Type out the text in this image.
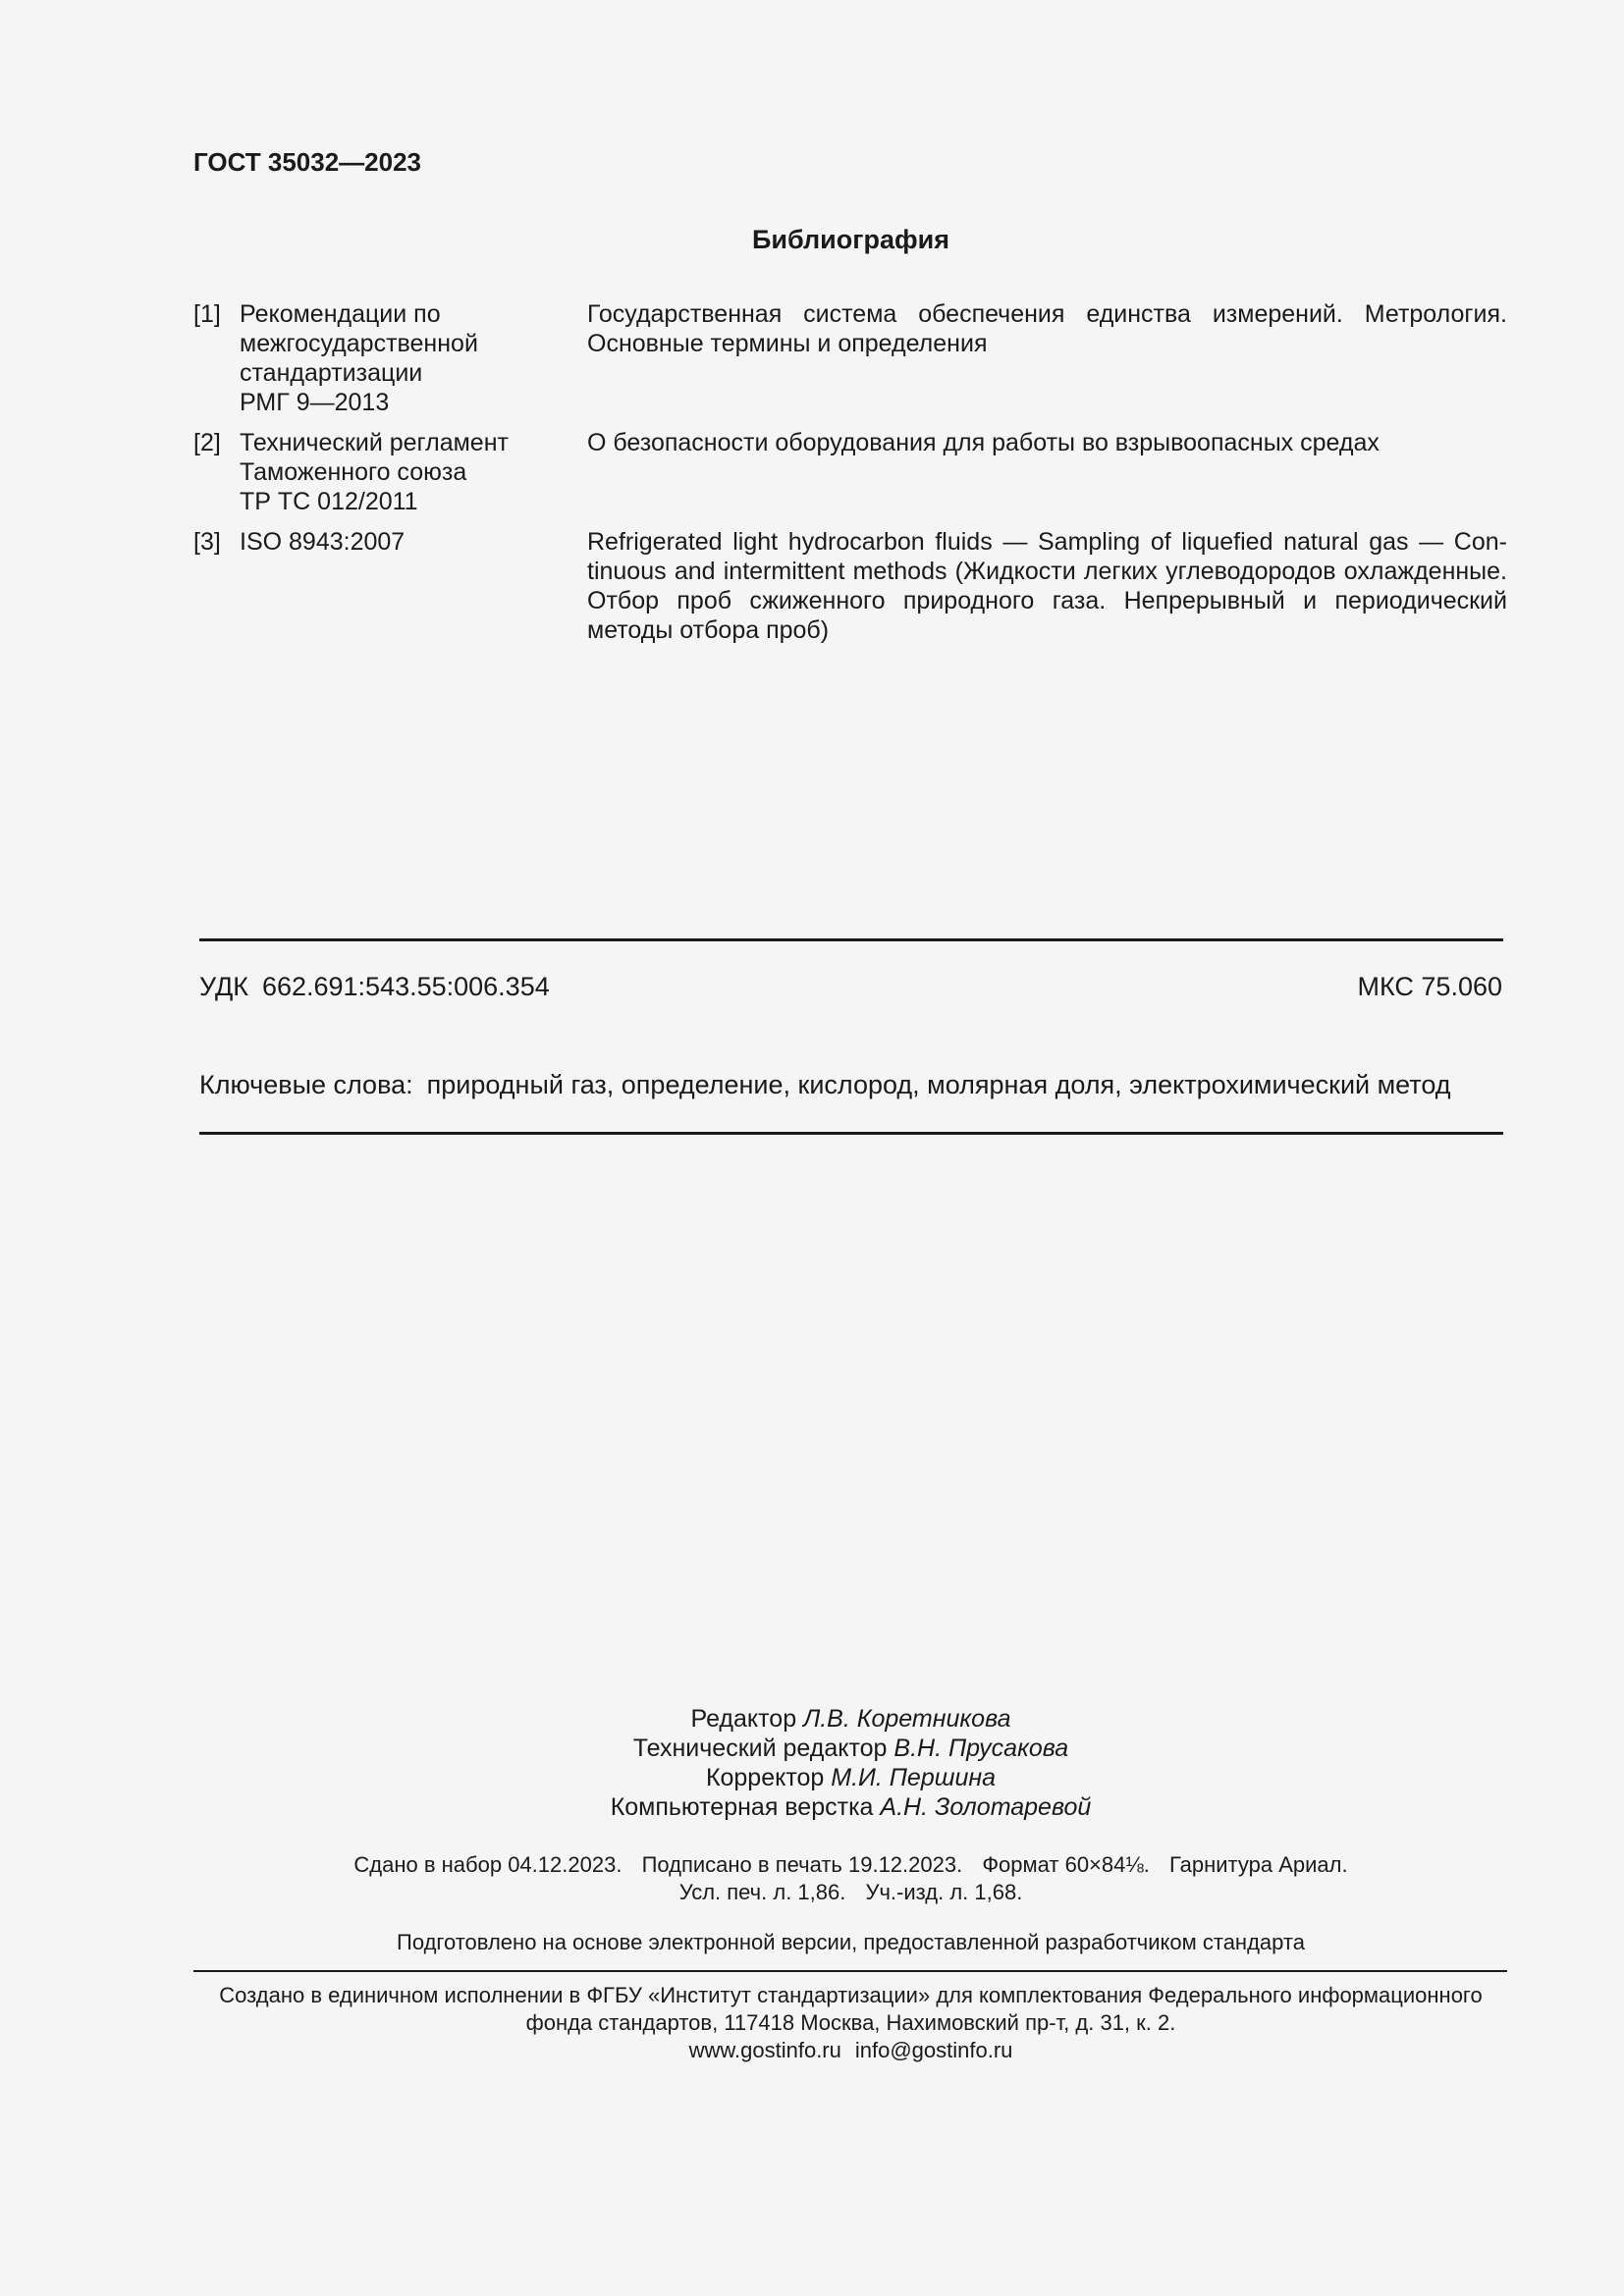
ГОСТ 35032—2023
Библиография
[1] Рекомендации по
межгосударственной
стандартизации
РМГ 9—2013
Государственная система обеспечения единства измерений. Метрология. Основные термины и определения
[2] Технический регламент
Таможенного союза
ТР ТС 012/2011
О безопасности оборудования для работы во взрывоопасных средах
[3] ISO 8943:2007	Refrigerated light hydrocarbon fluids — Sampling of liquefied natural gas — Con-tinuous and intermittent methods (Жидкости легких углеводородов охлажденные. Отбор проб сжиженного природного газа. Непрерывный и периодический методы отбора проб)
УДК 662.691:543.55:006.354	МКС 75.060
Ключевые слова: природный газ, определение, кислород, молярная доля, электрохимический метод
Редактор Л.В. Коретникова
Технический редактор В.Н. Прусакова
Корректор М.И. Першина
Компьютерная верстка А.Н. Золотаревой
Сдано в набор 04.12.2023. Подписано в печать 19.12.2023. Формат 60×84⅛. Гарнитура Ариал.
Усл. печ. л. 1,86. Уч.-изд. л. 1,68.
Подготовлено на основе электронной версии, предоставленной разработчиком стандарта
Создано в единичном исполнении в ФГБУ «Институт стандартизации» для комплектования Федерального информационного
фонда стандартов, 117418 Москва, Нахимовский пр-т, д. 31, к. 2.
www.gostinfo.ru info@gostinfo.ru
